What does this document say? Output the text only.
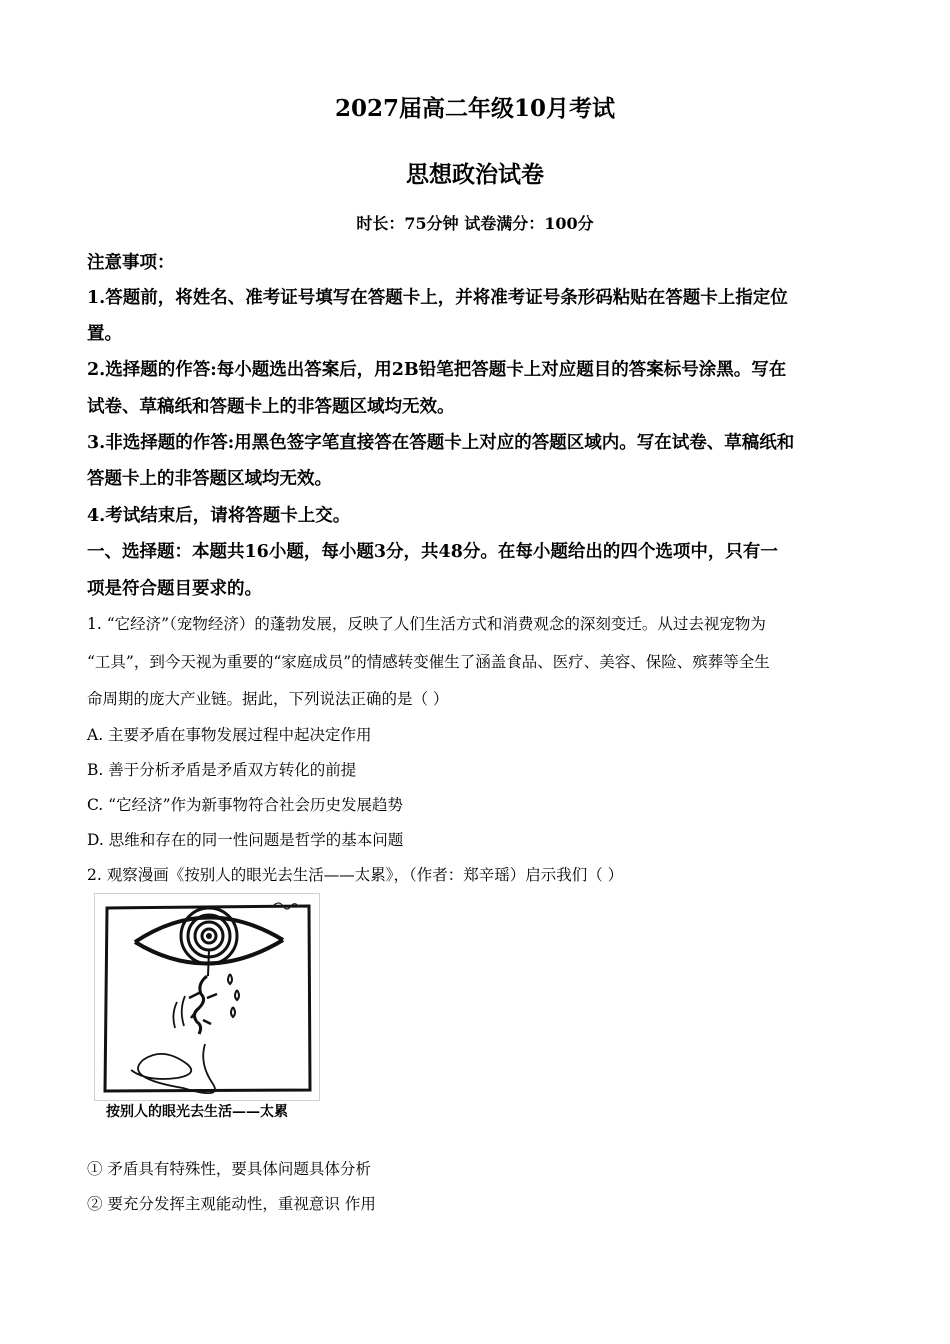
2027届高二年级10月考试
思想政治试卷
时长：75分钟 试卷满分：100分
注意事项：
1.答题前，将姓名、准考证号填写在答题卡上，并将准考证号条形码粘贴在答题卡上指定位
置。
2.选择题的作答:每小题选出答案后，用2B铅笔把答题卡上对应题目的答案标号涂黑。写在
试卷、草稿纸和答题卡上的非答题区域均无效。
3.非选择题的作答:用黑色签字笔直接答在答题卡上对应的答题区域内。写在试卷、草稿纸和
答题卡上的非答题区域均无效。
4.考试结束后，请将答题卡上交。
一、选择题：本题共16小题，每小题3分，共48分。在每小题给出的四个选项中，只有一
项是符合题目要求的。
1. “它经济”（宠物经济）的蓬勃发展，反映了人们生活方式和消费观念的深刻变迁。从过去视宠物为
“工具”，到今天视为重要的“家庭成员”的情感转变催生了涵盖食品、医疗、美容、保险、殡葬等全生
命周期的庞大产业链。据此，下列说法正确的是（ ）
A. 主要矛盾在事物发展过程中起决定作用
B. 善于分析矛盾是矛盾双方转化的前提
C. “它经济”作为新事物符合社会历史发展趋势
D. 思维和存在的同一性问题是哲学的基本问题
2. 观察漫画《按别人的眼光去生活——太累》，（作者：郑辛瑶）启示我们（ ）
按别人的眼光去生活——太累
① 矛盾具有特殊性，要具体问题具体分析
② 要充分发挥主观能动性，重视意识 作用
